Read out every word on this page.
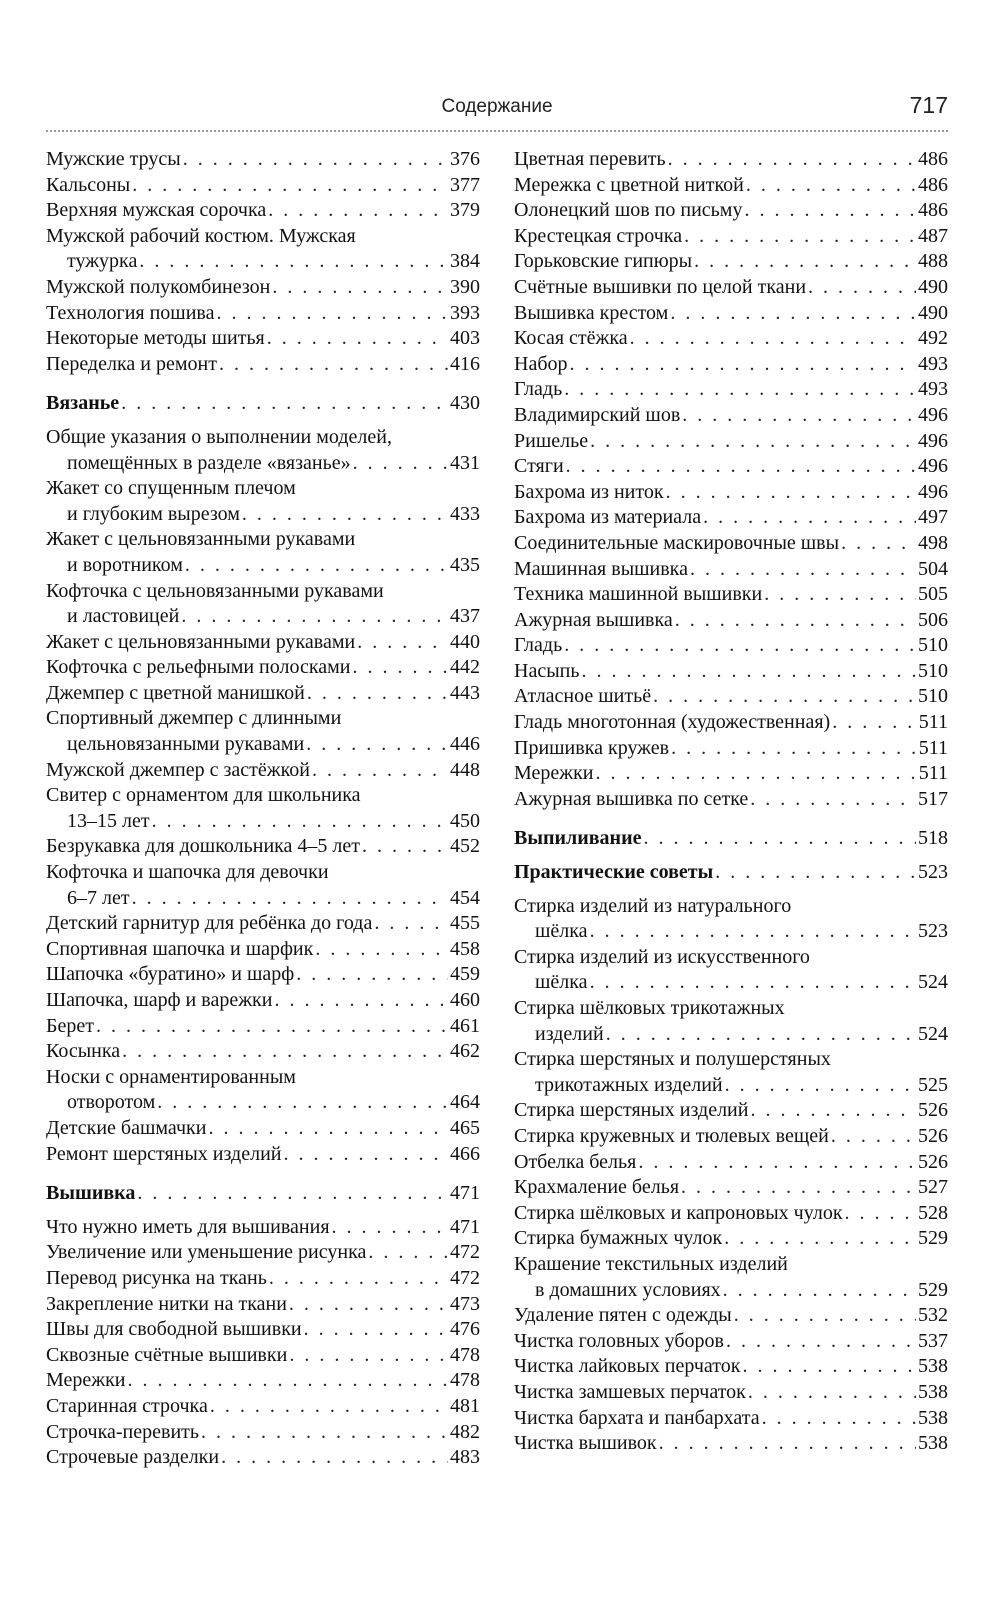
Содержание	717
Мужские трусы . . .	376
Кальсоны . . .	377
Верхняя мужская сорочка . . .	379
Мужской рабочий костюм. Мужская
тужурка . . .	384
Мужской полукомбинезон . . .	390
Технология пошива . . .	393
Некоторые методы шитья . . .	403
Переделка и ремонт . . .	416
Вязанье . . .	430
Общие указания о выполнении моделей,
помещённых в разделе «вязанье» . . .	431
Жакет со спущенным плечом
и глубоким вырезом . . .	433
Жакет с цельновязанными рукавами
и воротником . . .	435
Кофточка с цельновязанными рукавами
и ластовицей . . .	437
Жакет с цельновязанными рукавами . . .	440
Кофточка с рельефными полосками . . .	442
Джемпер с цветной манишкой . . .	443
Спортивный джемпер с длинными
цельновязанными рукавами . . .	446
Мужской джемпер с застёжкой . . .	448
Свитер с орнаментом для школьника
13–15 лет . . .	450
Безрукавка для дошкольника 4–5 лет . . .	452
Кофточка и шапочка для девочки
6–7 лет . . .	454
Детский гарнитур для ребёнка до года . . .	455
Спортивная шапочка и шарфик . . .	458
Шапочка «буратино» и шарф . . .	459
Шапочка, шарф и варежки . . .	460
Берет . . .	461
Косынка . . .	462
Носки с орнаментированным
отворотом . . .	464
Детские башмачки . . .	465
Ремонт шерстяных изделий . . .	466
Вышивка . . .	471
Что нужно иметь для вышивания . . .	471
Увеличение или уменьшение рисунка . . .	472
Перевод рисунка на ткань . . .	472
Закрепление нитки на ткани . . .	473
Швы для свободной вышивки . . .	476
Сквозные счётные вышивки . . .	478
Мережки . . .	478
Старинная строчка . . .	481
Строчка-перевить . . .	482
Строчевые разделки . . .	483
Цветная перевить . . .	486
Мережка с цветной ниткой . . .	486
Олонецкий шов по письму . . .	486
Крестецкая строчка . . .	487
Горьковские гипюры . . .	488
Счётные вышивки по целой ткани . . .	490
Вышивка крестом . . .	490
Косая стёжка . . .	492
Набор . . .	493
Гладь . . .	493
Владимирский шов . . .	496
Ришелье . . .	496
Стяги . . .	496
Бахрома из ниток . . .	496
Бахрома из материала . . .	497
Соединительные маскировочные швы . . .	498
Машинная вышивка . . .	504
Техника машинной вышивки . . .	505
Ажурная вышивка . . .	506
Гладь . . .	510
Насыпь . . .	510
Атласное шитьё . . .	510
Гладь многотонная (художественная) . . .	511
Пришивка кружев . . .	511
Мережки . . .	511
Ажурная вышивка по сетке . . .	517
Выпиливание . . .	518
Практические советы . . .	523
Стирка изделий из натурального
шёлка . . .	523
Стирка изделий из искусственного
шёлка . . .	524
Стирка шёлковых трикотажных
изделий . . .	524
Стирка шерстяных и полушерстяных
трикотажных изделий . . .	525
Стирка шерстяных изделий . . .	526
Стирка кружевных и тюлевых вещей . . .	526
Отбелка белья . . .	526
Крахмаление белья . . .	527
Стирка шёлковых и капроновых чулок . . .	528
Стирка бумажных чулок . . .	529
Крашение текстильных изделий
в домашних условиях . . .	529
Удаление пятен с одежды . . .	532
Чистка головных уборов . . .	537
Чистка лайковых перчаток . . .	538
Чистка замшевых перчаток . . .	538
Чистка бархата и панбархата . . .	538
Чистка вышивок . . .	538
